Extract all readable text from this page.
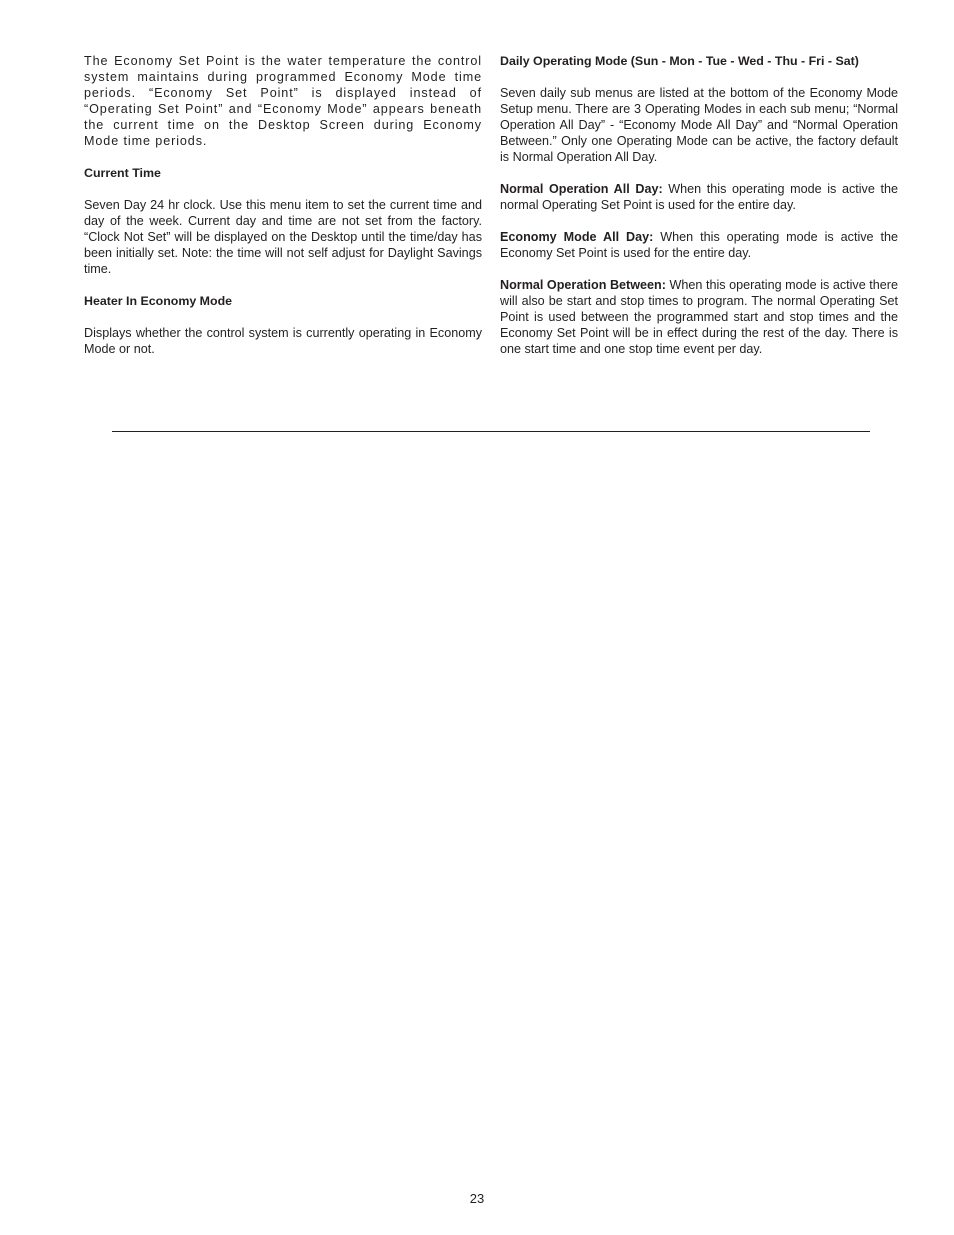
The Economy Set Point is the water temperature the control system maintains during programmed Economy Mode time periods. “Economy Set Point” is displayed instead of “Operating Set Point” and “Economy Mode” appears beneath the current time on the Desktop Screen during Economy Mode time periods.

Current Time

Seven Day 24 hr clock. Use this menu item to set the current time and day of the week. Current day and time are not set from the factory. “Clock Not Set” will be displayed on the Desktop until the time/day has been initially set. Note: the time will not self adjust for Daylight Savings time.

Heater In Economy Mode

Displays whether the control system is currently operating in Economy Mode or not.

Daily Operating Mode (Sun - Mon - Tue - Wed - Thu - Fri - Sat)

Seven daily sub menus are listed at the bottom of the Economy Mode Setup menu. There are 3 Operating Modes in each sub menu; “Normal Operation All Day” - “Economy Mode All Day” and “Normal Operation Between.” Only one Operating Mode can be active, the factory default is Normal Operation All Day.

Normal Operation All Day: When this operating mode is active the normal Operating Set Point is used for the entire day.

Economy Mode All Day: When this operating mode is active the Economy Set Point is used for the entire day.

Normal Operation Between: When this operating mode is active there will also be start and stop times to program. The normal Operating Set Point is used between the programmed start and stop times and the Economy Set Point will be in effect during the rest of the day. There is one start time and one stop time event per day.

23
